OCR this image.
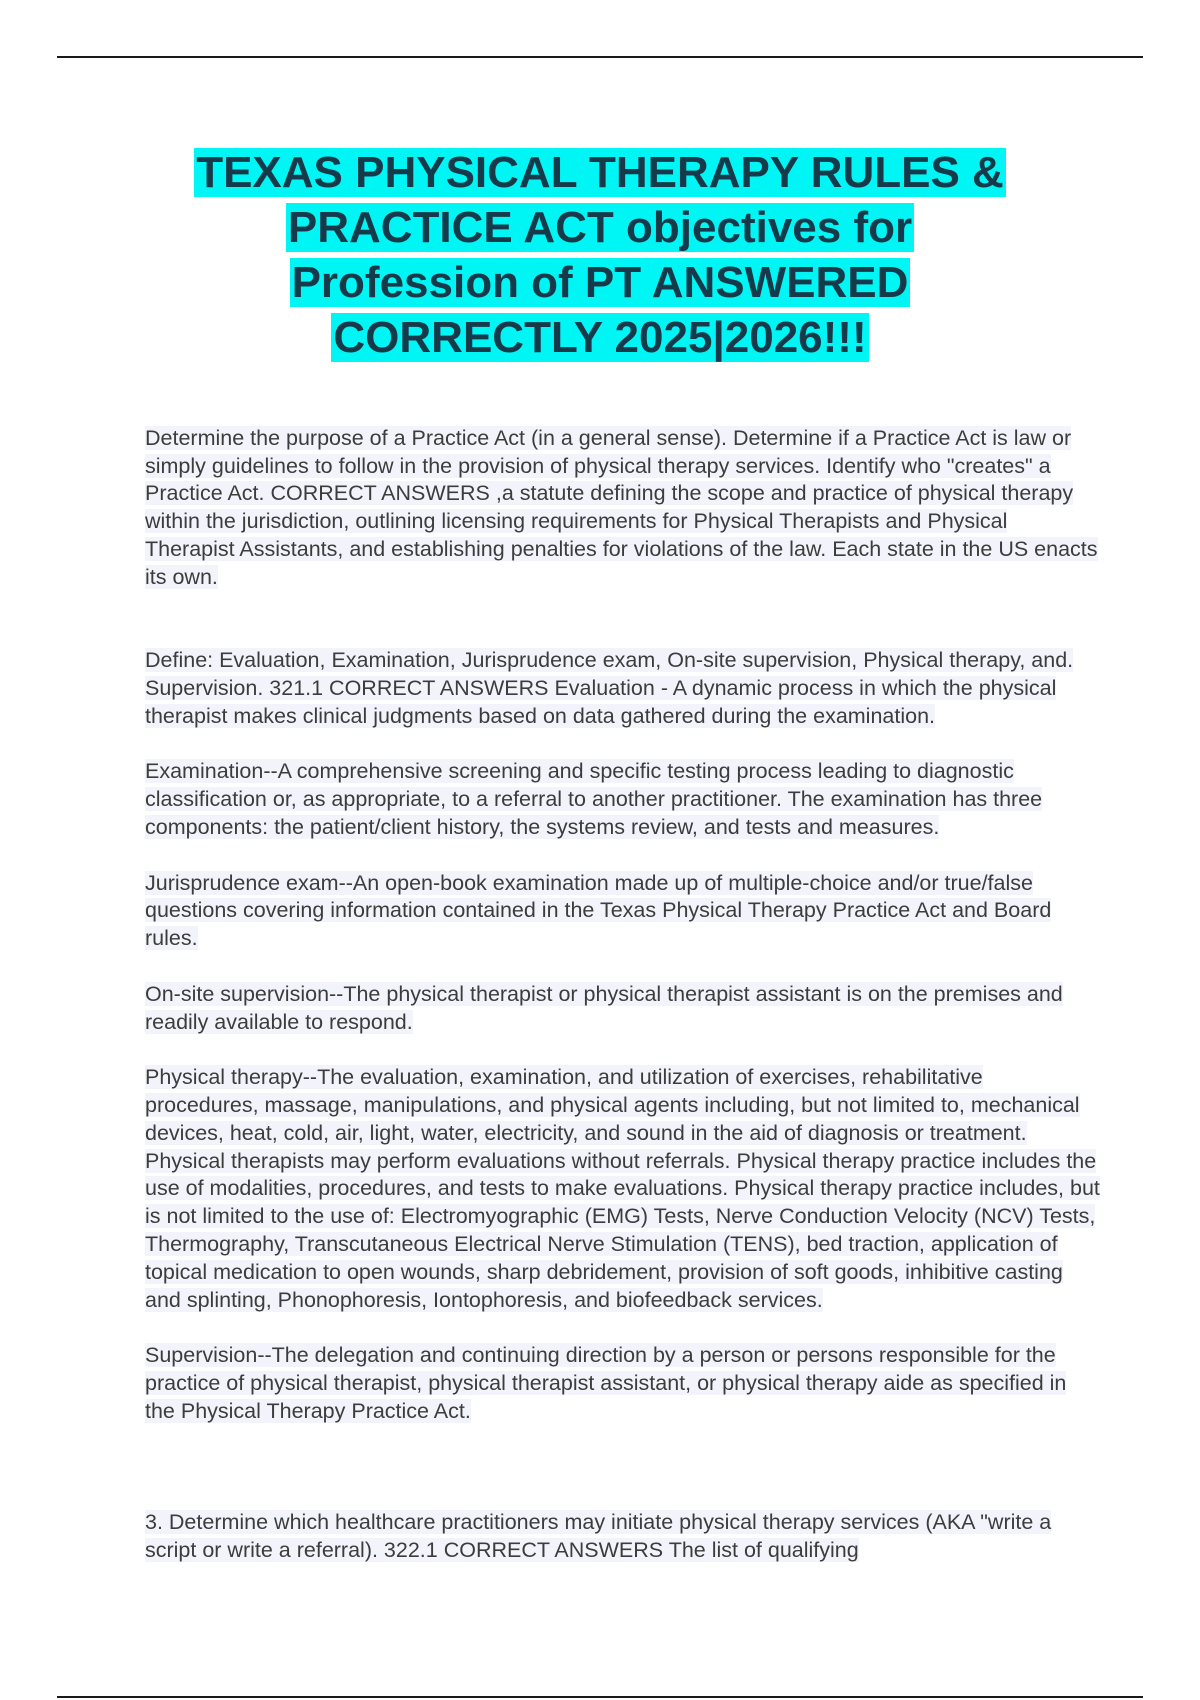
TEXAS PHYSICAL THERAPY RULES &
PRACTICE ACT objectives for
Profession of PT ANSWERED
CORRECTLY 2025|2026!!!

Determine the purpose of a Practice Act (in a general sense). Determine if a Practice Act is law or simply guidelines to follow in the provision of physical therapy services. Identify who "creates" a Practice Act. CORRECT ANSWERS ,a statute defining the scope and practice of physical therapy within the jurisdiction, outlining licensing requirements for Physical Therapists and Physical Therapist Assistants, and establishing penalties for violations of the law. Each state in the US enacts its own.

Define: Evaluation, Examination, Jurisprudence exam, On-site supervision, Physical therapy, and. Supervision. 321.1 CORRECT ANSWERS Evaluation - A dynamic process in which the physical therapist makes clinical judgments based on data gathered during the examination.

Examination--A comprehensive screening and specific testing process leading to diagnostic classification or, as appropriate, to a referral to another practitioner. The examination has three components: the patient/client history, the systems review, and tests and measures.

Jurisprudence exam--An open-book examination made up of multiple-choice and/or true/false questions covering information contained in the Texas Physical Therapy Practice Act and Board rules.

On-site supervision--The physical therapist or physical therapist assistant is on the premises and readily available to respond.

Physical therapy--The evaluation, examination, and utilization of exercises, rehabilitative procedures, massage, manipulations, and physical agents including, but not limited to, mechanical devices, heat, cold, air, light, water, electricity, and sound in the aid of diagnosis or treatment. Physical therapists may perform evaluations without referrals. Physical therapy practice includes the use of modalities, procedures, and tests to make evaluations. Physical therapy practice includes, but is not limited to the use of: Electromyographic (EMG) Tests, Nerve Conduction Velocity (NCV) Tests, Thermography, Transcutaneous Electrical Nerve Stimulation (TENS), bed traction, application of topical medication to open wounds, sharp debridement, provision of soft goods, inhibitive casting and splinting, Phonophoresis, Iontophoresis, and biofeedback services.

Supervision--The delegation and continuing direction by a person or persons responsible for the practice of physical therapist, physical therapist assistant, or physical therapy aide as specified in the Physical Therapy Practice Act.

3. Determine which healthcare practitioners may initiate physical therapy services (AKA "write a script or write a referral). 322.1 CORRECT ANSWERS The list of qualifying
